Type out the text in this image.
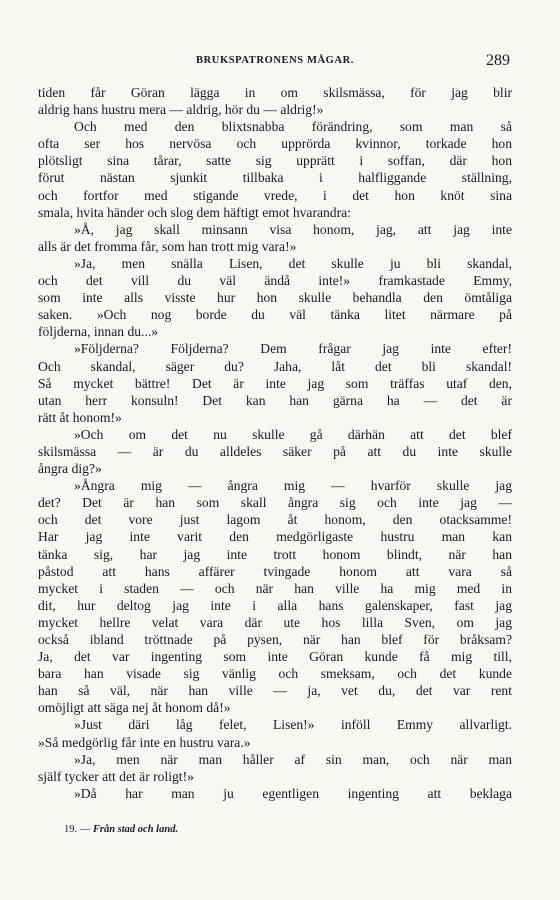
BRUKSPATRONENS MÅGAR.	289
tiden får Göran lägga in om skilsmässa, för jag blir
aldrig hans hustru mera — aldrig, hör du — aldrig!»
Och med den blixtsnabba förändring, som man så
ofta ser hos nervösa och upprörda kvinnor, torkade hon
plötsligt sina tårar, satte sig upprätt i soffan, där hon
förut nästan sjunkit tillbaka i halfliggande ställning,
och fortfor med stigande vrede, i det hon knöt sina
smala, hvita händer och slog dem häftigt emot hvarandra:
»Å, jag skall minsann visa honom, jag, att jag inte
alls är det fromma får, som han trott mig vara!»
»Ja, men snälla Lisen, det skulle ju bli skandal,
och det vill du väl ändå inte!» framkastade Emmy,
som inte alls visste hur hon skulle behandla den ömtåliga
saken. »Och nog borde du väl tänka litet närmare på
följderna, innan du...»
»Följderna? Följderna? Dem frågar jag inte efter!
Och skandal, säger du? Jaha, låt det bli skandal!
Så mycket bättre! Det är inte jag som träffas utaf den,
utan herr konsuln! Det kan han gärna ha — det är
rätt åt honom!»
»Och om det nu skulle gå därhän att det blef
skilsmässa — är du alldeles säker på att du inte skulle
ångra dig?»
»Ångra mig — ångra mig — hvarför skulle jag
det? Det är han som skall ångra sig och inte jag —
och det vore just lagom åt honom, den otacksamme!
Har jag inte varit den medgörligaste hustru man kan
tänka sig, har jag inte trott honom blindt, när han
påstod att hans affärer tvingade honom att vara så
mycket i staden — och när han ville ha mig med in
dit, hur deltog jag inte i alla hans galenskaper, fast jag
mycket hellre velat vara där ute hos lilla Sven, om jag
också ibland tröttnade på pysen, när han blef för bråksam?
Ja, det var ingenting som inte Göran kunde få mig till,
bara han visade sig vänlig och smeksam, och det kunde
han så väl, när han ville — ja, vet du, det var rent
omöjligt att säga nej åt honom då!»
»Just däri låg felet, Lisen!» inföll Emmy allvarligt.
»Så medgörlig får inte en hustru vara.»
»Ja, men när man håller af sin man, och när man
själf tycker att det är roligt!»
»Då har man ju egentligen ingenting att beklaga
19. — Från stad och land.
